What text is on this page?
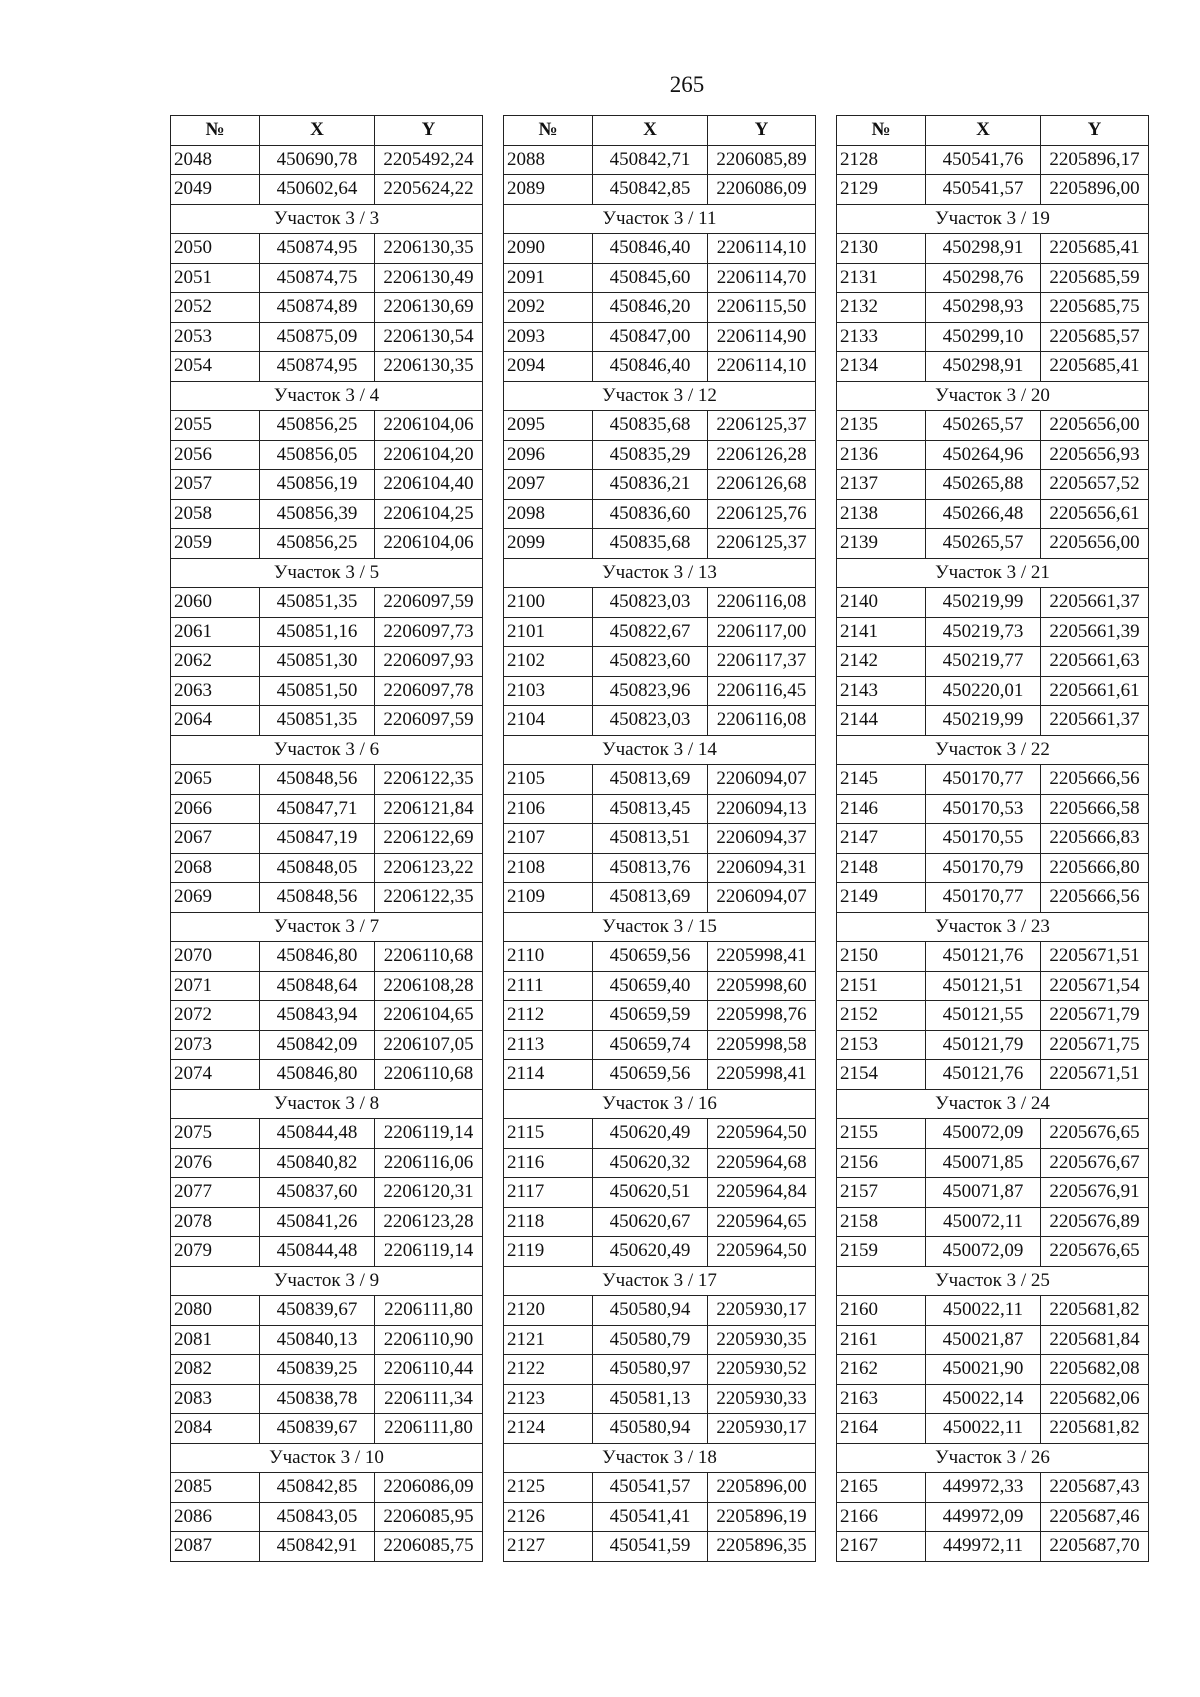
265
№	X	Y
2048	450690,78	2205492,24
2049	450602,64	2205624,22
Участок 3 / 3		
2050	450874,95	2206130,35
2051	450874,75	2206130,49
2052	450874,89	2206130,69
2053	450875,09	2206130,54
2054	450874,95	2206130,35
Участок 3 / 4		
2055	450856,25	2206104,06
2056	450856,05	2206104,20
2057	450856,19	2206104,40
2058	450856,39	2206104,25
2059	450856,25	2206104,06
Участок 3 / 5		
2060	450851,35	2206097,59
2061	450851,16	2206097,73
2062	450851,30	2206097,93
2063	450851,50	2206097,78
2064	450851,35	2206097,59
Участок 3 / 6		
2065	450848,56	2206122,35
2066	450847,71	2206121,84
2067	450847,19	2206122,69
2068	450848,05	2206123,22
2069	450848,56	2206122,35
Участок 3 / 7		
2070	450846,80	2206110,68
2071	450848,64	2206108,28
2072	450843,94	2206104,65
2073	450842,09	2206107,05
2074	450846,80	2206110,68
Участок 3 / 8		
2075	450844,48	2206119,14
2076	450840,82	2206116,06
2077	450837,60	2206120,31
2078	450841,26	2206123,28
2079	450844,48	2206119,14
Участок 3 / 9		
2080	450839,67	2206111,80
2081	450840,13	2206110,90
2082	450839,25	2206110,44
2083	450838,78	2206111,34
2084	450839,67	2206111,80
Участок 3 / 10		
2085	450842,85	2206086,09
2086	450843,05	2206085,95
2087	450842,91	2206085,75
№	X	Y
2088	450842,71	2206085,89
2089	450842,85	2206086,09
Участок 3 / 11		
2090	450846,40	2206114,10
2091	450845,60	2206114,70
2092	450846,20	2206115,50
2093	450847,00	2206114,90
2094	450846,40	2206114,10
Участок 3 / 12		
2095	450835,68	2206125,37
2096	450835,29	2206126,28
2097	450836,21	2206126,68
2098	450836,60	2206125,76
2099	450835,68	2206125,37
Участок 3 / 13		
2100	450823,03	2206116,08
2101	450822,67	2206117,00
2102	450823,60	2206117,37
2103	450823,96	2206116,45
2104	450823,03	2206116,08
Участок 3 / 14		
2105	450813,69	2206094,07
2106	450813,45	2206094,13
2107	450813,51	2206094,37
2108	450813,76	2206094,31
2109	450813,69	2206094,07
Участок 3 / 15		
2110	450659,56	2205998,41
2111	450659,40	2205998,60
2112	450659,59	2205998,76
2113	450659,74	2205998,58
2114	450659,56	2205998,41
Участок 3 / 16		
2115	450620,49	2205964,50
2116	450620,32	2205964,68
2117	450620,51	2205964,84
2118	450620,67	2205964,65
2119	450620,49	2205964,50
Участок 3 / 17		
2120	450580,94	2205930,17
2121	450580,79	2205930,35
2122	450580,97	2205930,52
2123	450581,13	2205930,33
2124	450580,94	2205930,17
Участок 3 / 18		
2125	450541,57	2205896,00
2126	450541,41	2205896,19
2127	450541,59	2205896,35
№	X	Y
2128	450541,76	2205896,17
2129	450541,57	2205896,00
Участок 3 / 19		
2130	450298,91	2205685,41
2131	450298,76	2205685,59
2132	450298,93	2205685,75
2133	450299,10	2205685,57
2134	450298,91	2205685,41
Участок 3 / 20		
2135	450265,57	2205656,00
2136	450264,96	2205656,93
2137	450265,88	2205657,52
2138	450266,48	2205656,61
2139	450265,57	2205656,00
Участок 3 / 21		
2140	450219,99	2205661,37
2141	450219,73	2205661,39
2142	450219,77	2205661,63
2143	450220,01	2205661,61
2144	450219,99	2205661,37
Участок 3 / 22		
2145	450170,77	2205666,56
2146	450170,53	2205666,58
2147	450170,55	2205666,83
2148	450170,79	2205666,80
2149	450170,77	2205666,56
Участок 3 / 23		
2150	450121,76	2205671,51
2151	450121,51	2205671,54
2152	450121,55	2205671,79
2153	450121,79	2205671,75
2154	450121,76	2205671,51
Участок 3 / 24		
2155	450072,09	2205676,65
2156	450071,85	2205676,67
2157	450071,87	2205676,91
2158	450072,11	2205676,89
2159	450072,09	2205676,65
Участок 3 / 25		
2160	450022,11	2205681,82
2161	450021,87	2205681,84
2162	450021,90	2205682,08
2163	450022,14	2205682,06
2164	450022,11	2205681,82
Участок 3 / 26		
2165	449972,33	2205687,43
2166	449972,09	2205687,46
2167	449972,11	2205687,70
